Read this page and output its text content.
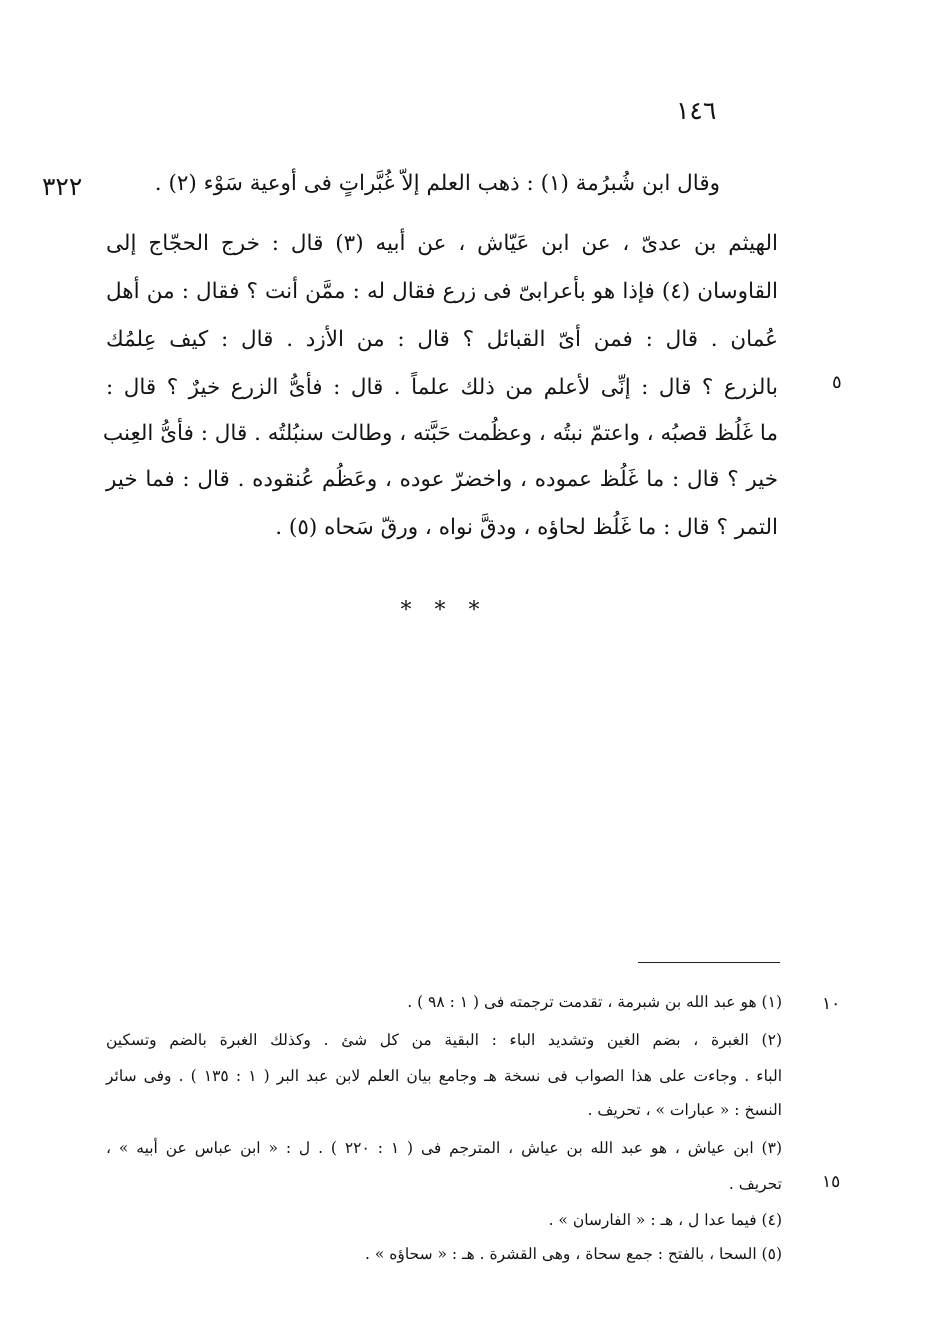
١٤٦
٣٢٢	وقال ابن شُبرُمة (١) : ذهب العلم إلاّ غُبَّراتٍ فى أوعية سَوْء (٢) .
الهيثم بن عدىّ ، عن ابن عَيّاش ، عن أبيه (٣) قال : خرج الحجّاج إلى
القاوسان (٤) فإذا هو بأعرابىّ فى زرع فقال له : ممَّن أنت ؟ فقال : من أهل
عُمان . قال : فمن أىّ القبائل ؟ قال : من الأزد . قال : كيف عِلمُك
بالزرع ؟ قال : إنِّى لأعلم من ذلك علماً . قال : فأىُّ الزرع خيرٌ ؟ قال :
ما غَلُظ قصبُه ، واعتمّ نبتُه ، وعظُمت حَبَّته ، وطالت سنبُلتُه . قال : فأىُّ العِنب
خير ؟ قال : ما غَلُظ عموده ، واخضرّ عوده ، وعَظُم عُنقوده . قال : فما خير
التمر ؟ قال : ما غَلُظ لحاؤه ، ودقَّ نواه ، ورقّ سَحاه (٥) .
٥
* * *
(١) هو عبد الله بن شبرمة ، تقدمت ترجمته فى ( ١ : ٩٨ ) .
(٢) الغبرة ، بضم الغين وتشديد الباء : البقية من كل شئ . وكذلك الغبرة بالضم وتسكين
الباء . وجاءت على هذا الصواب فى نسخة هـ وجامع بيان العلم لابن عبد البر ( ١ : ١٣٥ ) . وفى سائر
النسخ : « عبارات » ، تحريف .
(٣) ابن عياش ، هو عبد الله بن عياش ، المترجم فى ( ١ : ٢٢٠ ) . ل : « ابن عباس عن أبيه » ،
تحريف .
(٤) فيما عدا ل ، هـ : « الفارسان » .
(٥) السحا ، بالفتح : جمع سحاة ، وهى القشرة . هـ : « سحاؤه » .
١٠
١٥
